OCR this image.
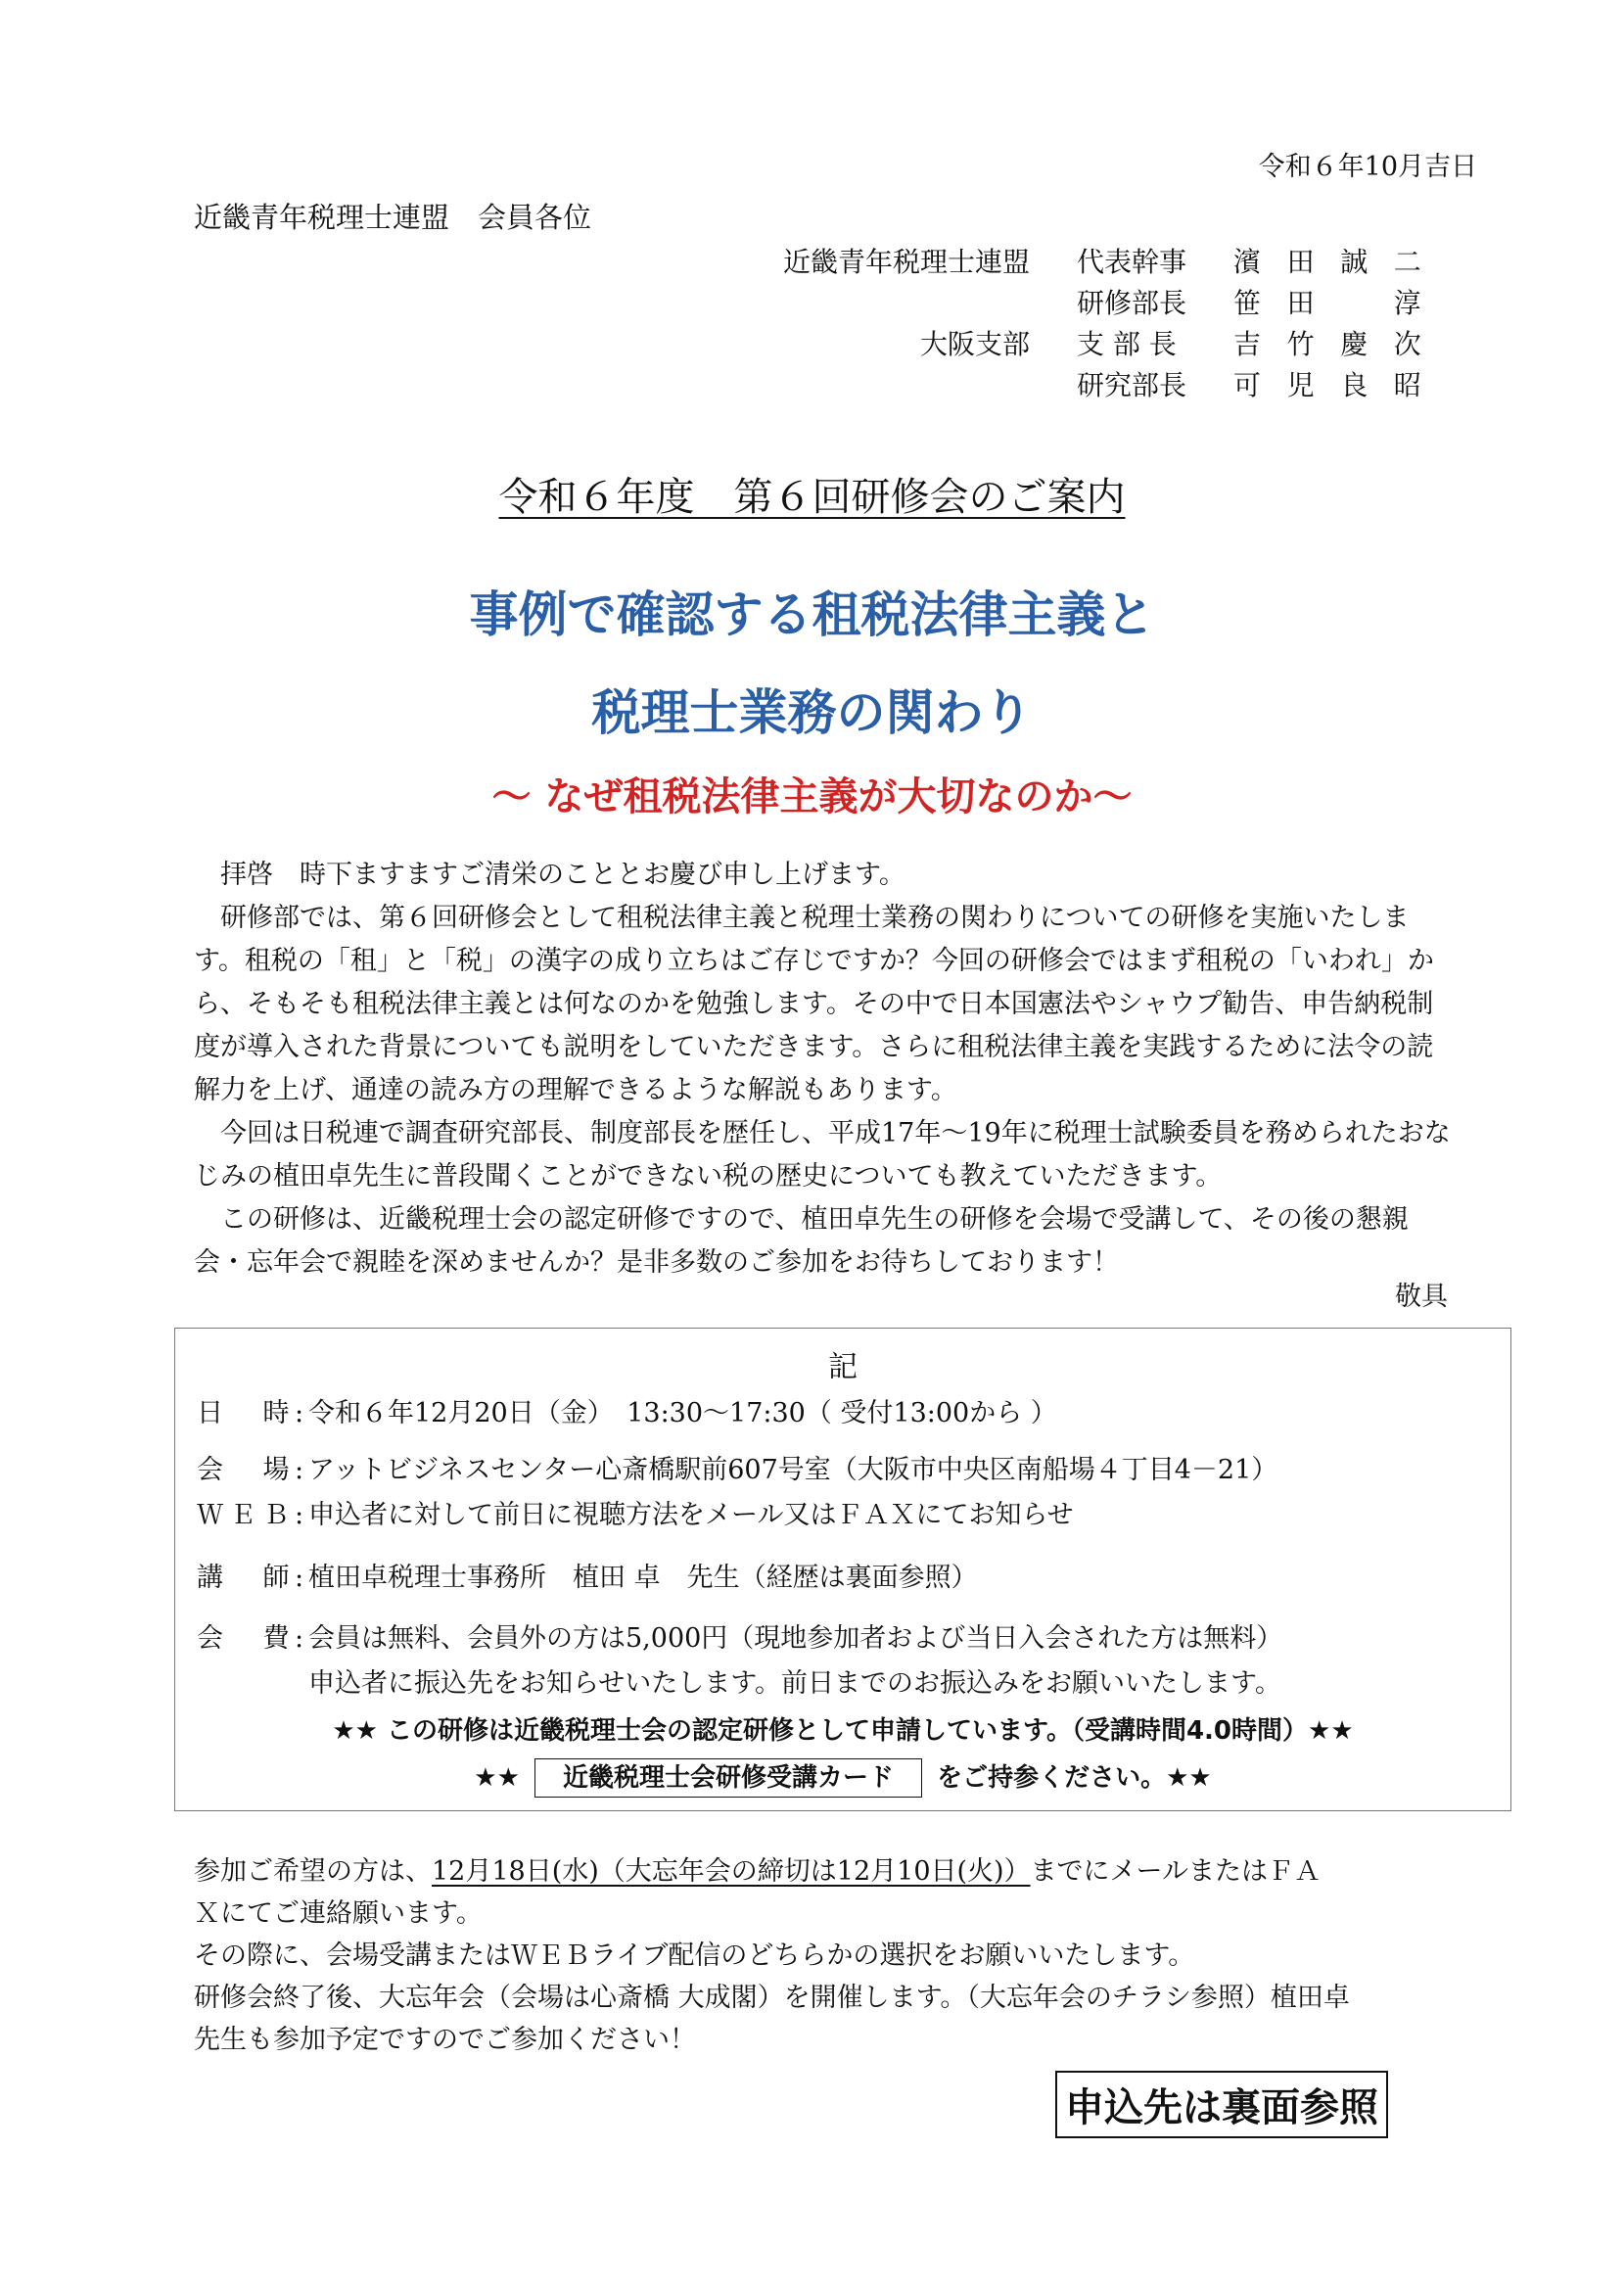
令和６年10月吉日
近畿青年税理士連盟　会員各位
近畿青年税理士連盟 代表幹事 濱田誠二
研修部長 笹田　淳
大阪支部 支 部 長 吉竹慶次
研究部長 可児良昭
令和６年度　第６回研修会のご案内
事例で確認する租税法律主義と
税理士業務の関わり
～ なぜ租税法律主義が大切なのか～

拝啓　時下ますますご清栄のこととお慶び申し上げます。

研修部では、第６回研修会として租税法律主義と税理士業務の関わりについての研修を実施いたします。租税の「租」と「税」の漢字の成り立ちはご存じですか？今回の研修会ではまず租税の「いわれ」から、そもそも租税法律主義とは何なのかを勉強します。その中で日本国憲法やシャウプ勧告、申告納税制度が導入された背景についても説明をしていただきます。さらに租税法律主義を実践するために法令の読解力を上げ、通達の読み方の理解できるような解説もあります。

今回は日税連で調査研究部長、制度部長を歴任し、平成17年～19年に税理士試験委員を務められたおなじみの植田卓先生に普段聞くことができない税の歴史についても教えていただきます。

この研修は、近畿税理士会の認定研修ですので、植田卓先生の研修を会場で受講して、その後の懇親会・忘年会で親睦を深めませんか？是非多数のご参加をお待ちしております！

敬具
記
日　時: 令和６年12月20日（金）　13:30～17:30（ 受付13:00から ）
会　場: アットビジネスセンター心斎橋駅前607号室（大阪市中央区南船場４丁目4－21）
ＷＥＢ: 申込者に対して前日に視聴方法をメール又はＦＡＸにてお知らせ
講　師: 植田卓税理士事務所　植田 卓　先生（経歴は裏面参照）
会　費: 会員は無料、会員外の方は5,000円（現地参加者および当日入会された方は無料）
申込者に振込先をお知らせいたします。前日までのお振込みをお願いいたします。
★★ この研修は近畿税理士会の認定研修として申請しています。（受講時間4.0時間）★★
★★ 近畿税理士会研修受講カード をご持参ください。★★

参加ご希望の方は、12月18日(水)（大忘年会の締切は12月10日(火)）までにメールまたはＦＡ

Ｘにてご連絡願います。

その際に、会場受講またはＷＥＢライブ配信のどちらかの選択をお願いいたします。

研修会終了後、大忘年会（会場は心斎橋 大成閣）を開催します。（大忘年会のチラシ参照）植田卓

先生も参加予定ですのでご参加ください！

申込先は裏面参照
